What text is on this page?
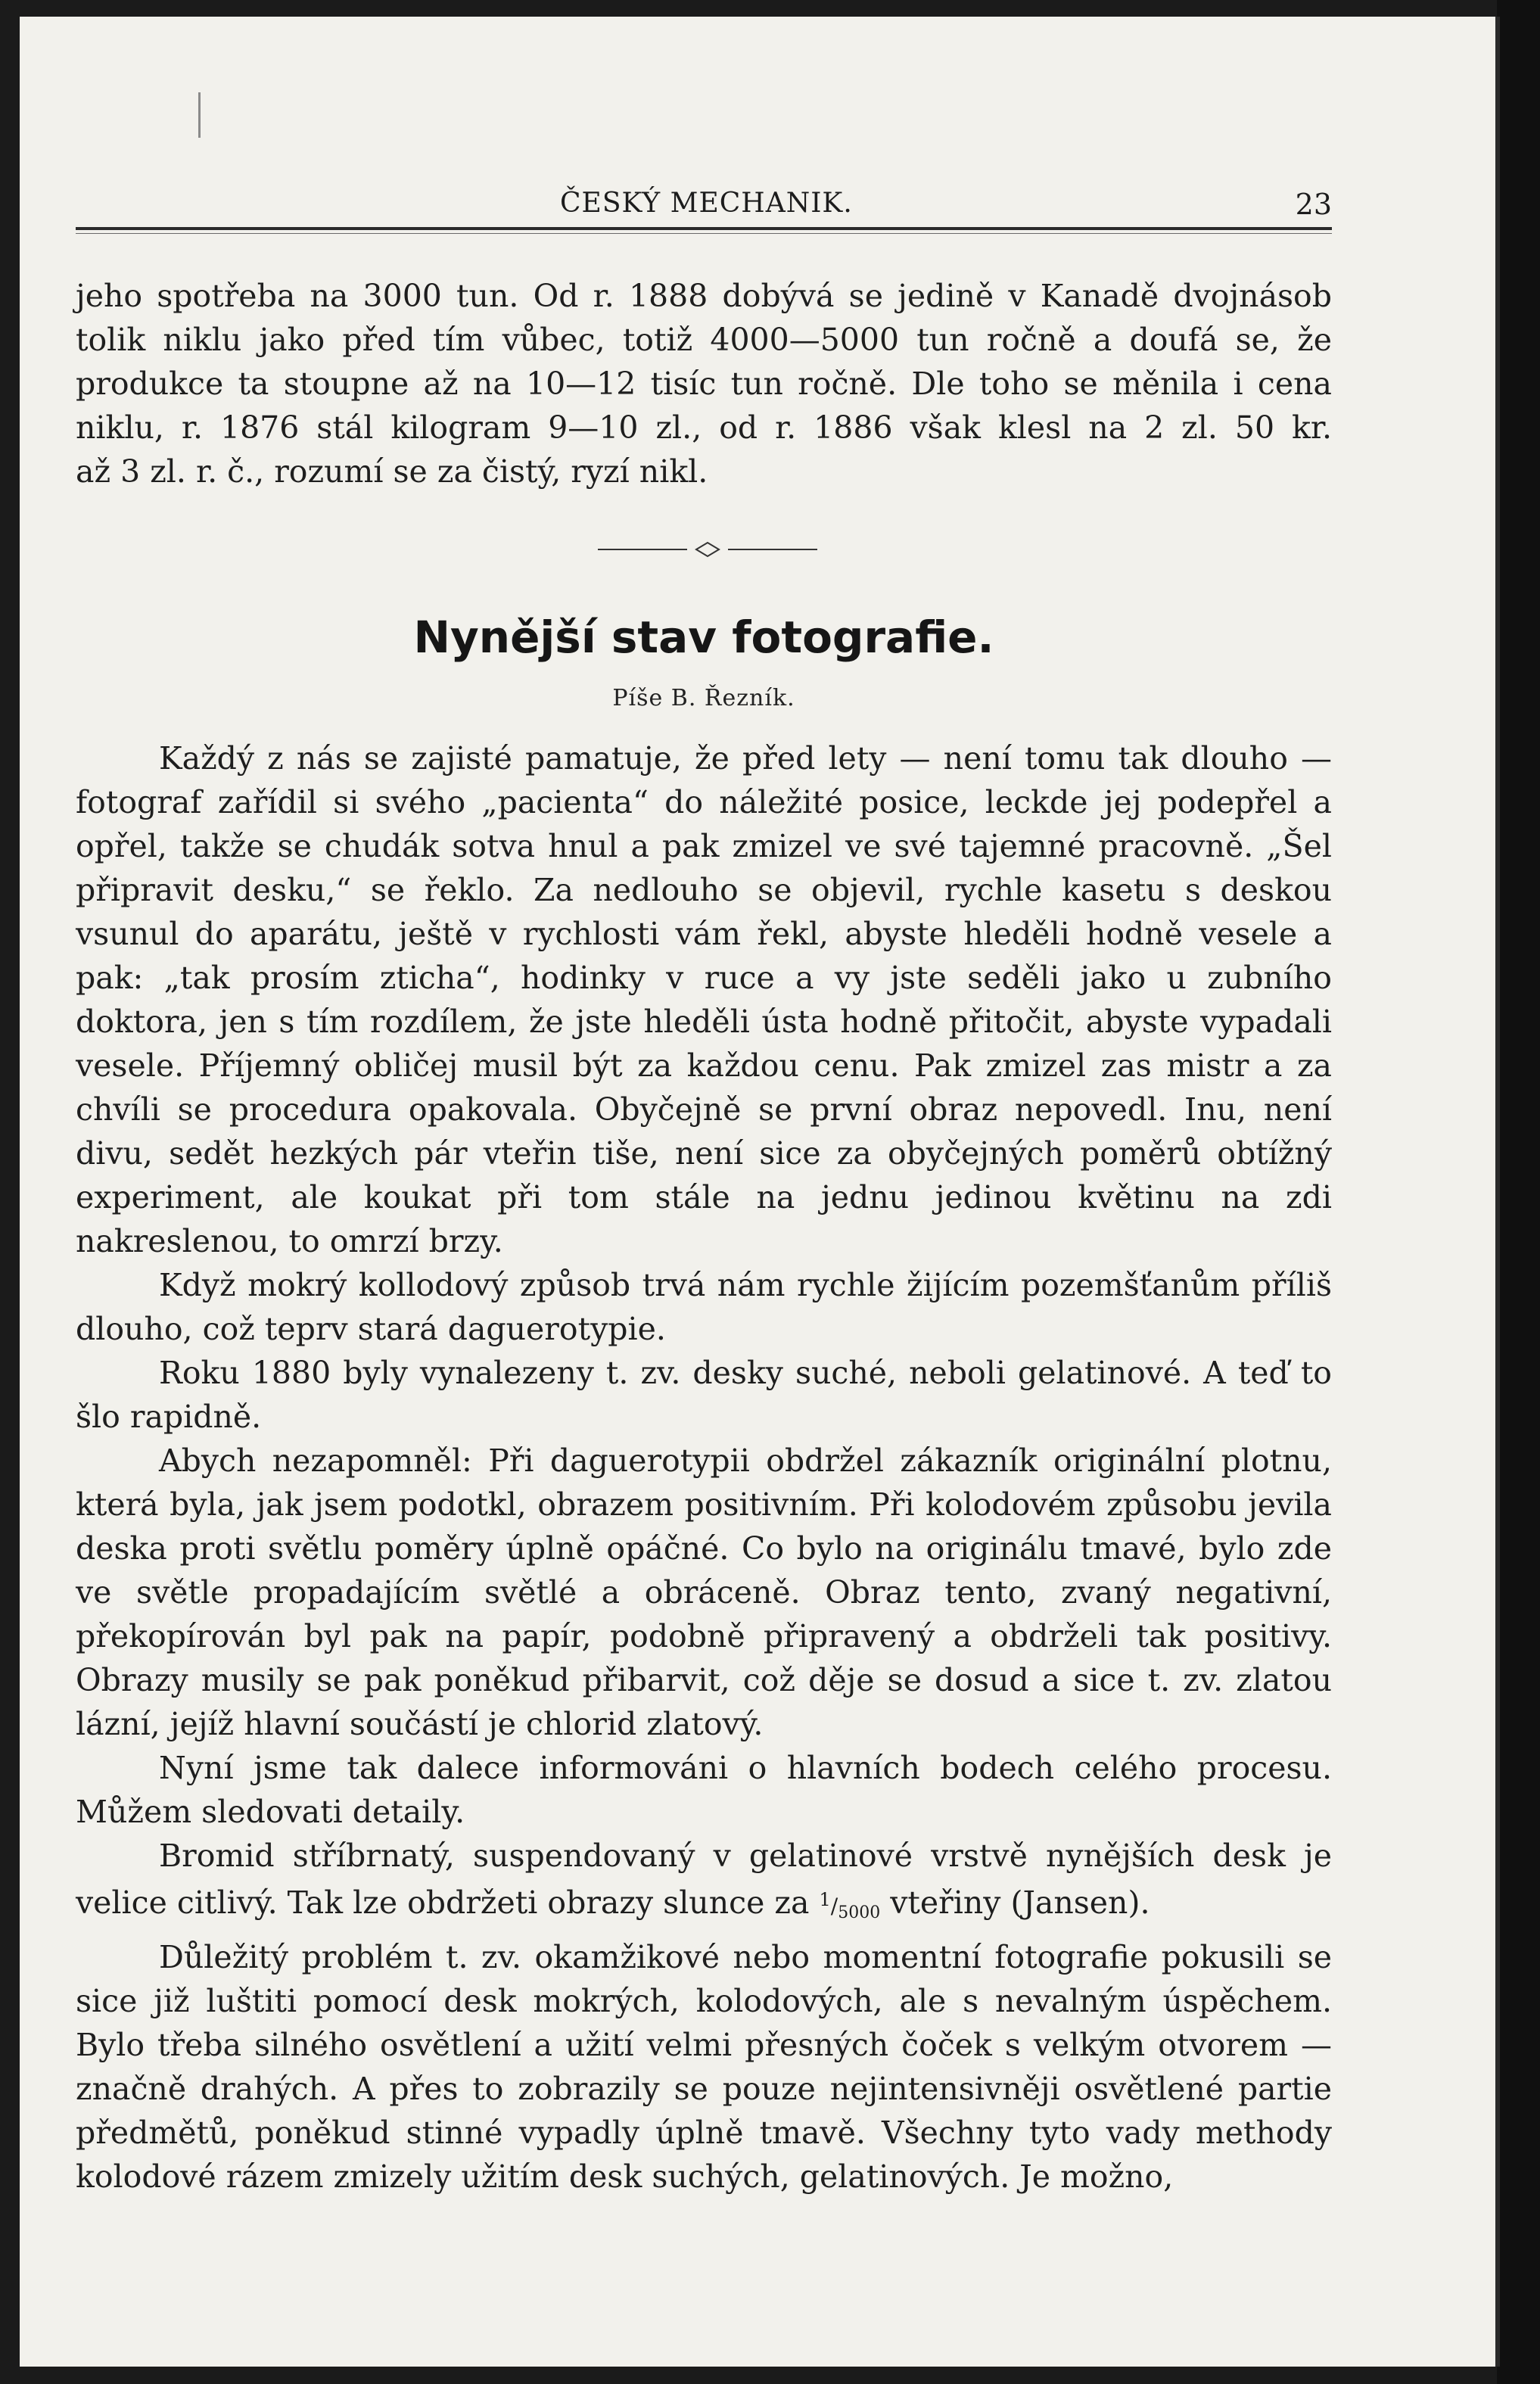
ČESKÝ MECHANIK.	23
jeho spotřeba na 3000 tun. Od r. 1888 dobývá se jedině v Kanadě dvojnásob
tolik niklu jako před tím vůbec, totiž 4000—5000 tun ročně a doufá se, že
produkce ta stoupne až na 10—12 tisíc tun ročně. Dle toho se měnila i cena
niklu, r. 1876 stál kilogram 9—10 zl., od r. 1886 však klesl na 2 zl. 50 kr.
až 3 zl. r. č., rozumí se za čistý, ryzí nikl.
Nynější stav fotografie.
Píše B. Řezník.

Každý z nás se zajisté pamatuje, že před lety — není tomu tak dlouho — fotograf zařídil si svého „pacienta“ do náležité posice, leckde jej podepřel a opřel, takže se chudák sotva hnul a pak zmizel ve své tajemné pracovně. „Šel připravit desku,“ se řeklo. Za nedlouho se objevil, rychle kasetu s deskou vsunul do aparátu, ještě v rychlosti vám řekl, abyste hleděli hodně vesele a pak: „tak prosím zticha“, hodinky v ruce a vy jste seděli jako u zubního doktora, jen s tím rozdílem, že jste hleděli ústa hodně přitočit, abyste vypadali vesele. Příjemný obličej musil být za každou cenu. Pak zmizel zas mistr a za chvíli se procedura opakovala. Obyčejně se první obraz nepovedl. Inu, není divu, sedět hezkých pár vteřin tiše, není sice za obyčejných poměrů obtížný experiment, ale koukat při tom stále na jednu jedinou květinu na zdi nakreslenou, to omrzí brzy.

Když mokrý kollodový způsob trvá nám rychle žijícím pozemšťanům příliš dlouho, což teprv stará daguerotypie.

Roku 1880 byly vynalezeny t. zv. desky suché, neboli gelatinové. A teď to šlo rapidně.

Abych nezapomněl: Při daguerotypii obdržel zákazník originální plotnu, která byla, jak jsem podotkl, obrazem positivním. Při kolodovém způsobu jevila deska proti světlu poměry úplně opáčné. Co bylo na originálu tmavé, bylo zde ve světle propadajícím světlé a obráceně. Obraz tento, zvaný negativní, překopírován byl pak na papír, podobně připravený a obdrželi tak positivy. Obrazy musily se pak poněkud přibarvit, což děje se dosud a sice t. zv. zlatou lázní, jejíž hlavní součástí je chlorid zlatový.

Nyní jsme tak dalece informováni o hlavních bodech celého procesu. Můžem sledovati detaily.

Bromid stříbrnatý, suspendovaný v gelatinové vrstvě nynějších desk je velice citlivý. Tak lze obdržeti obrazy slunce za $^1/_{5000}$ vteřiny (Jansen).

Důležitý problém t. zv. okamžikové nebo momentní fotografie pokusili se sice již luštiti pomocí desk mokrých, kolodových, ale s nevalným úspěchem. Bylo třeba silného osvětlení a užití velmi přesných čoček s velkým otvorem — značně drahých. A přes to zobrazily se pouze nejintensivněji osvětlené partie předmětů, poněkud stinné vypadly úplně tmavě. Všechny tyto vady methody kolodové rázem zmizely užitím desk suchých, gelatinových. Je možno,
